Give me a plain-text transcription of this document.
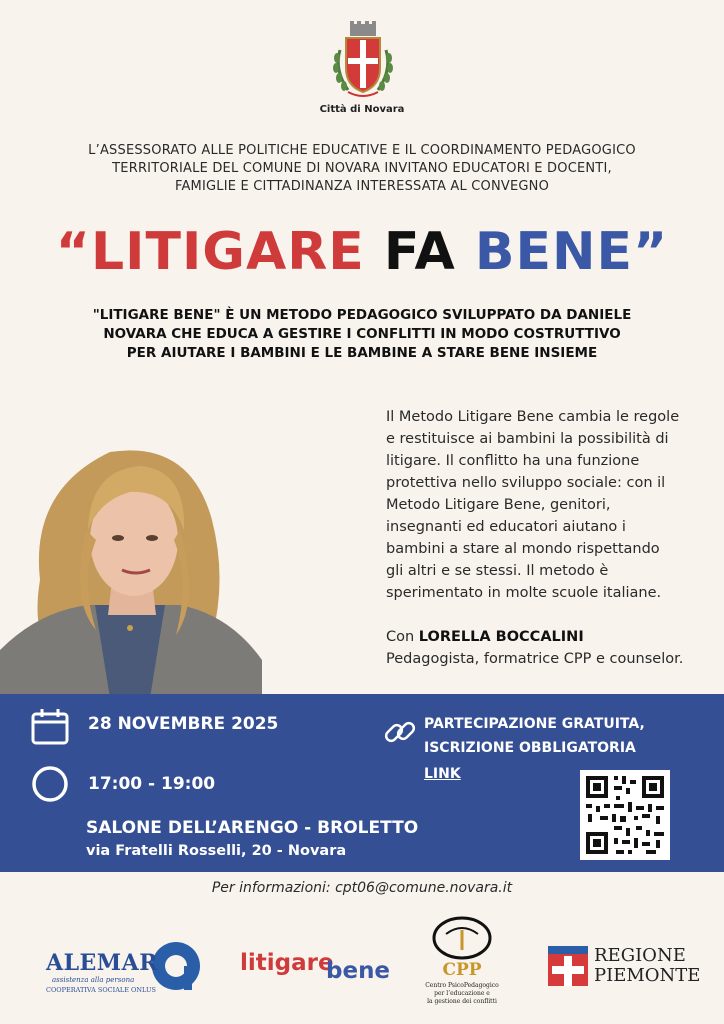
Città di Novara
L’ASSESSORATO ALLE POLITICHE EDUCATIVE E IL COORDINAMENTO PEDAGOGICO
TERRITORIALE DEL COMUNE DI NOVARA INVITANO EDUCATORI E DOCENTI,
FAMIGLIE E CITTADINANZA INTERESSATA AL CONVEGNO
“LITIGARE FA BENE”
"LITIGARE BENE" È UN METODO PEDAGOGICO SVILUPPATO DA DANIELE
NOVARA CHE EDUCA A GESTIRE I CONFLITTI IN MODO COSTRUTTIVO
PER AIUTARE I BAMBINI E LE BAMBINE A STARE BENE INSIEME
Il Metodo Litigare Bene cambia le regole
e restituisce ai bambini la possibilità di
litigare. Il conflitto ha una funzione
protettiva nello sviluppo sociale: con il
Metodo Litigare Bene, genitori,
insegnanti ed educatori aiutano i
bambini a stare al mondo rispettando
gli altri e se stessi. Il metodo è
sperimentato in molte scuole italiane.
Con LORELLA BOCCALINI
Pedagogista, formatrice CPP e counselor.
28 NOVEMBRE 2025
17:00 - 19:00
SALONE DELL’ARENGO - BROLETTO
via Fratelli Rosselli, 20 - Novara
PARTECIPAZIONE GRATUITA,
ISCRIZIONE OBBLIGATORIA
LINK
Per informazioni: cpt06@comune.novara.it
ALEMAR
assistenza alla persona
COOPERATIVA SOCIALE ONLUS
litigare
bene	CPP
Centro PsicoPedagogico
per l’educazione e
la gestione dei conflitti
REGIONE
PIEMONTE
